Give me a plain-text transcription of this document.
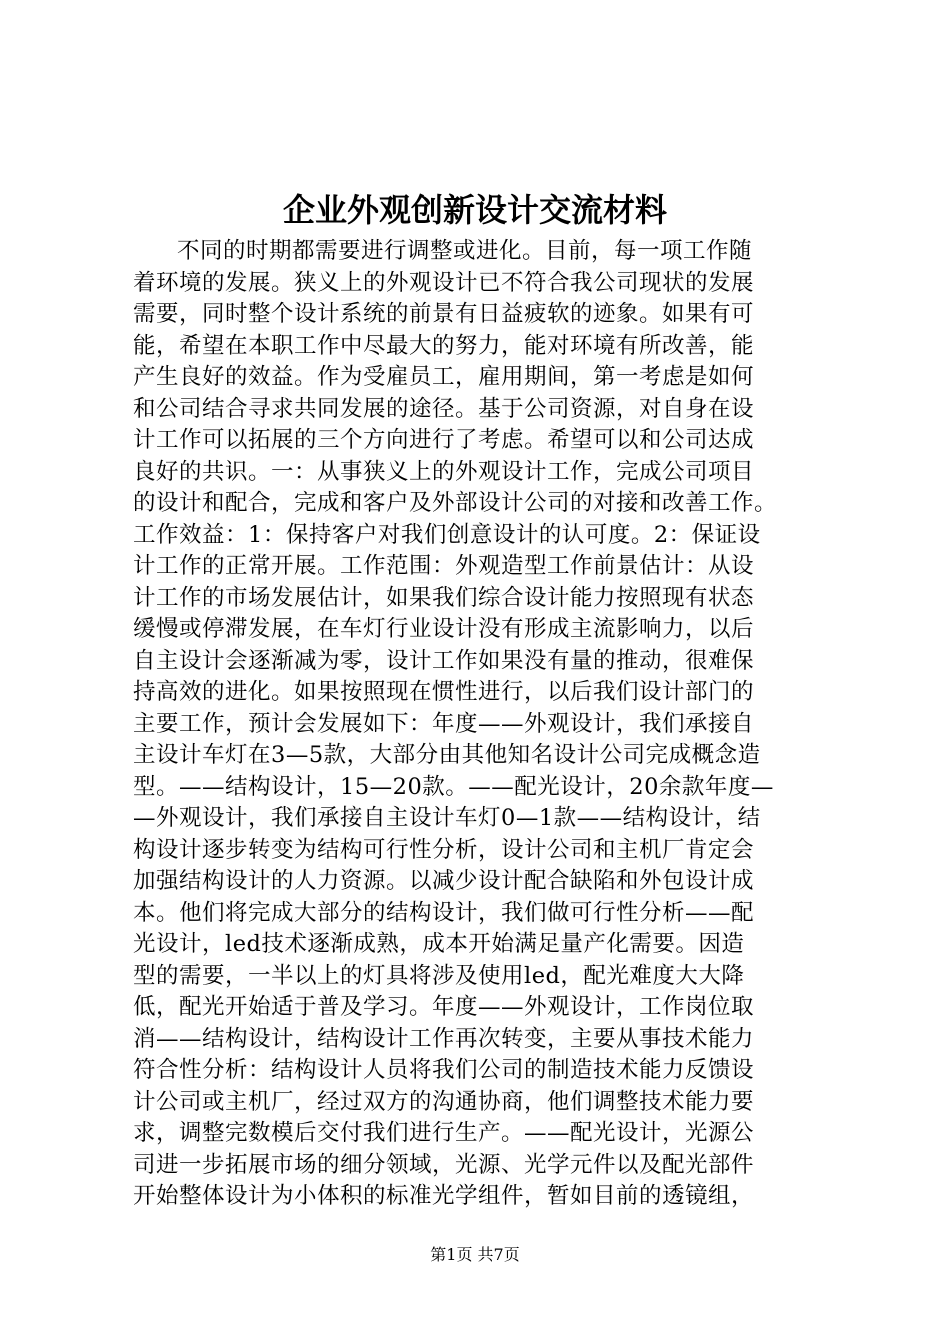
企业外观创新设计交流材料
不同的时期都需要进行调整或进化。目前，每一项工作随
着环境的发展。狭义上的外观设计已不符合我公司现状的发展
需要，同时整个设计系统的前景有日益疲软的迹象。如果有可
能，希望在本职工作中尽最大的努力，能对环境有所改善，能
产生良好的效益。作为受雇员工，雇用期间，第一考虑是如何
和公司结合寻求共同发展的途径。基于公司资源，对自身在设
计工作可以拓展的三个方向进行了考虑。希望可以和公司达成
良好的共识。一：从事狭义上的外观设计工作，完成公司项目
的设计和配合，完成和客户及外部设计公司的对接和改善工作。
工作效益：1：保持客户对我们创意设计的认可度。2：保证设
计工作的正常开展。工作范围：外观造型工作前景估计：从设
计工作的市场发展估计，如果我们综合设计能力按照现有状态
缓慢或停滞发展，在车灯行业设计没有形成主流影响力，以后
自主设计会逐渐减为零，设计工作如果没有量的推动，很难保
持高效的进化。如果按照现在惯性进行，以后我们设计部门的
主要工作，预计会发展如下：年度——外观设计，我们承接自
主设计车灯在3—5款，大部分由其他知名设计公司完成概念造
型。——结构设计，15—20款。——配光设计，20余款年度—
—外观设计，我们承接自主设计车灯0—1款——结构设计，结
构设计逐步转变为结构可行性分析，设计公司和主机厂肯定会
加强结构设计的人力资源。以减少设计配合缺陷和外包设计成
本。他们将完成大部分的结构设计，我们做可行性分析——配
光设计，led技术逐渐成熟，成本开始满足量产化需要。因造
型的需要，一半以上的灯具将涉及使用led，配光难度大大降
低，配光开始适于普及学习。年度——外观设计，工作岗位取
消——结构设计，结构设计工作再次转变，主要从事技术能力
符合性分析：结构设计人员将我们公司的制造技术能力反馈设
计公司或主机厂，经过双方的沟通协商，他们调整技术能力要
求，调整完数模后交付我们进行生产。——配光设计，光源公
司进一步拓展市场的细分领域，光源、光学元件以及配光部件
开始整体设计为小体积的标准光学组件，暂如目前的透镜组，
第1页 共7页
